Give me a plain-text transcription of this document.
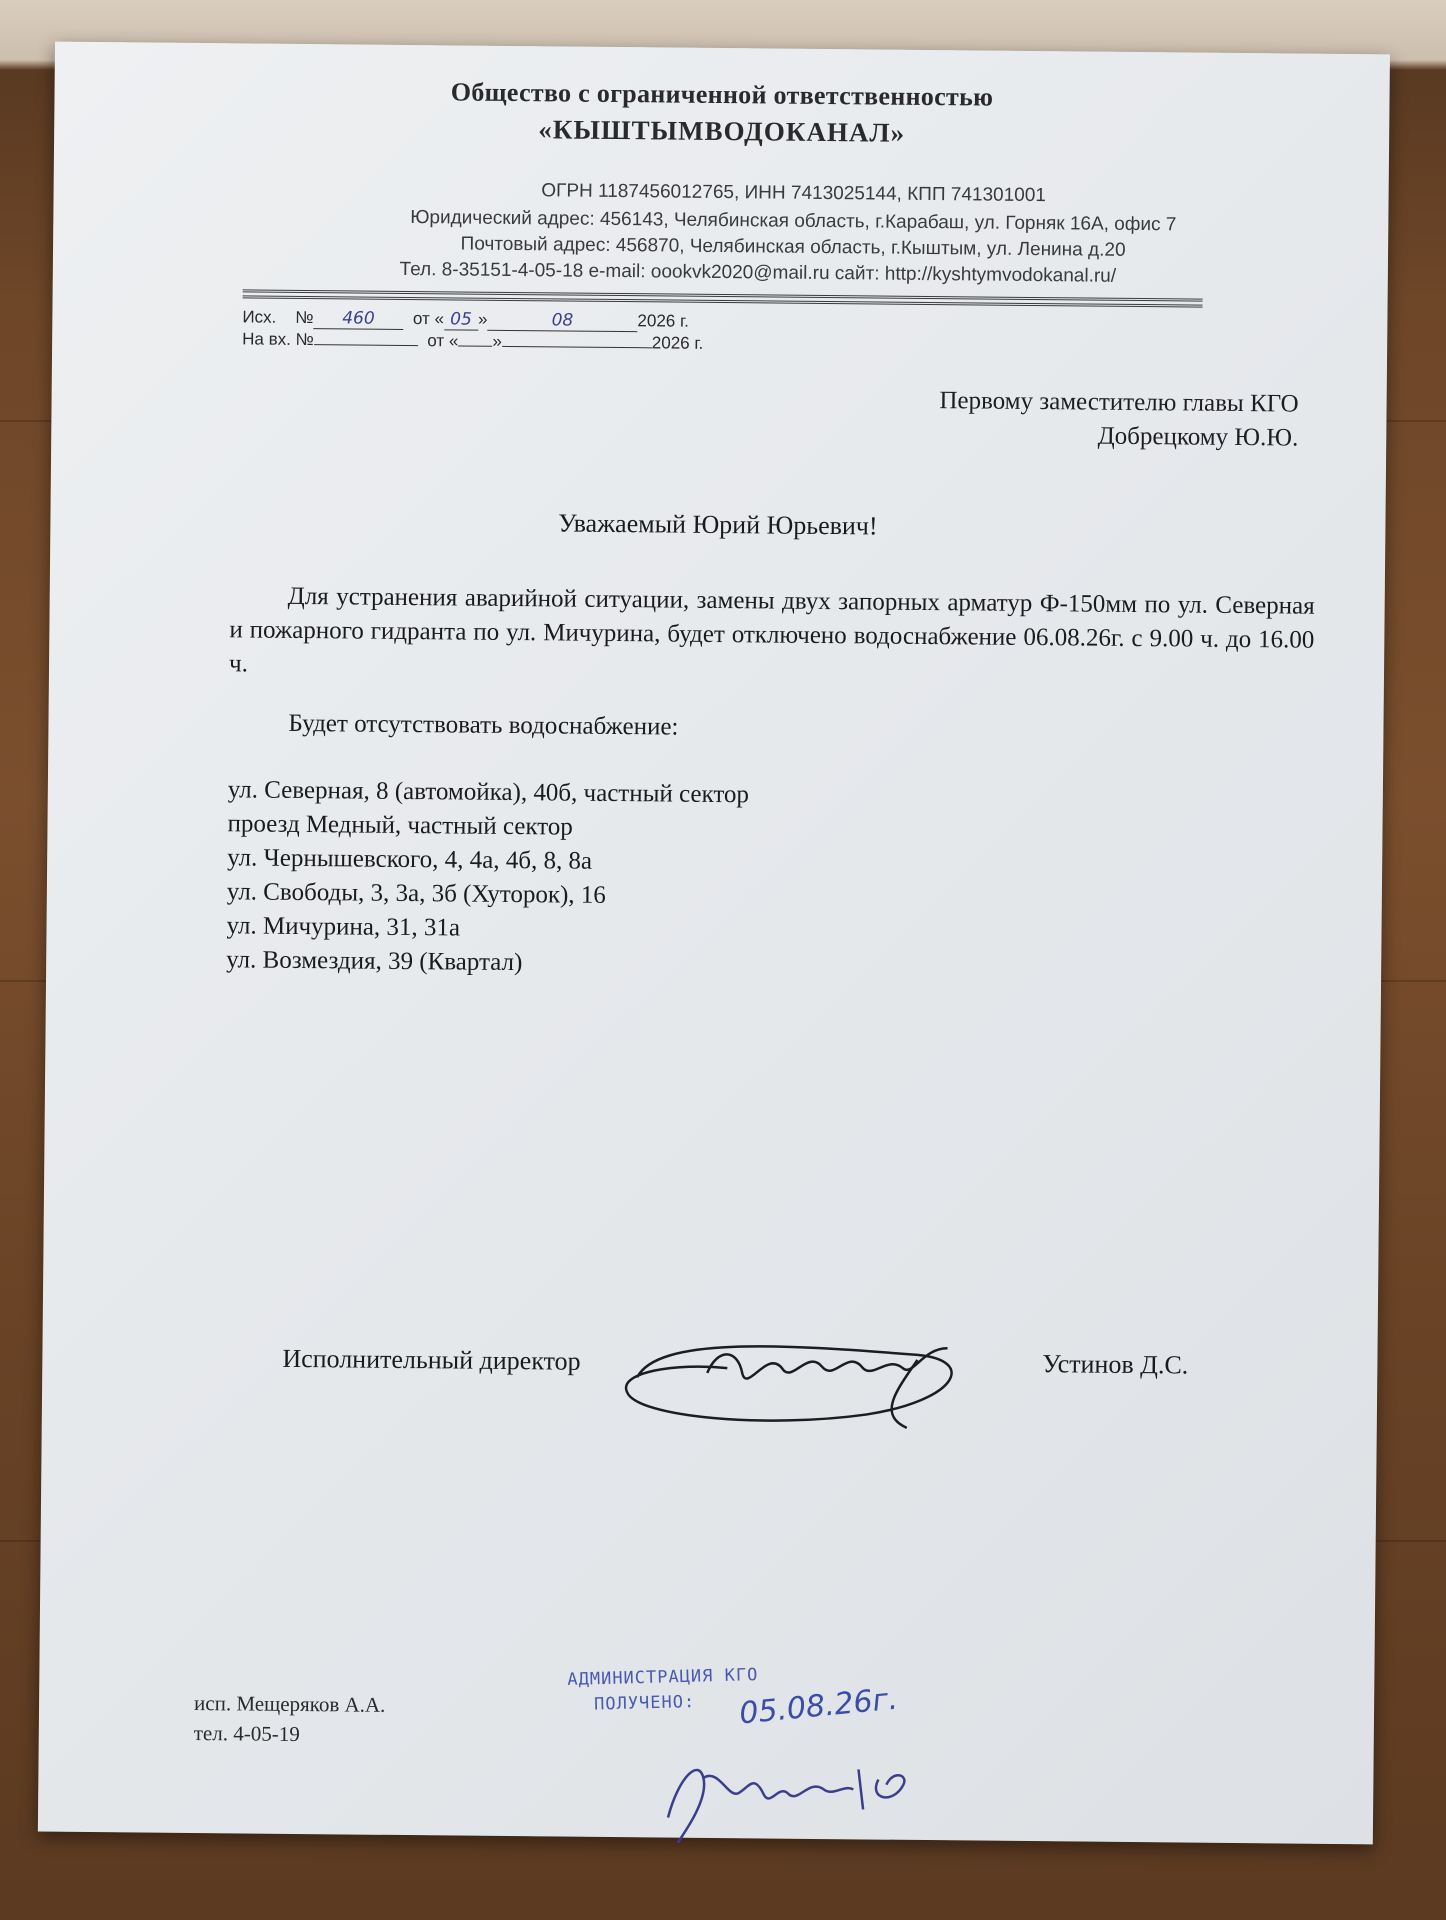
Общество с ограниченной ответственностью
«КЫШТЫМВОДОКАНАЛ»
ОГРН 1187456012765, ИНН 7413025144, КПП 741301001
Юридический адрес: 456143, Челябинская область, г.Карабаш, ул. Горняк 16А, офис 7
Почтовый адрес: 456870, Челябинская область, г.Кыштым, ул. Ленина д.20
Тел. 8-35151-4-05-18 e-mail: oookvk2020@mail.ru сайт: http://kyshtymvodokanal.ru/
Исх. № 460 от « 05 »	08	2026 г.
На вх. №	от « »	2026 г.
Первому заместителю главы КГО
Добрецкому Ю.Ю.
Уважаемый Юрий Юрьевич!
Для устранения аварийной ситуации, замены двух запорных арматур Ф-150мм по ул. Северная и пожарного гидранта по ул. Мичурина, будет отключено водоснабжение 06.08.26г. с 9.00 ч. до 16.00 ч.
Будет отсутствовать водоснабжение:
ул. Северная, 8 (автомойка), 40б, частный сектор
проезд Медный, частный сектор
ул. Чернышевского, 4, 4а, 4б, 8, 8а
ул. Свободы, 3, 3а, 3б (Хуторок), 16
ул. Мичурина, 31, 31а
ул. Возмездия, 39 (Квартал)
Исполнительный директор	Устинов Д.С.
исп. Мещеряков А.А.
тел. 4-05-19
АДМИНИСТРАЦИЯ КГО
ПОЛУЧЕНО: 05.08.26г.
